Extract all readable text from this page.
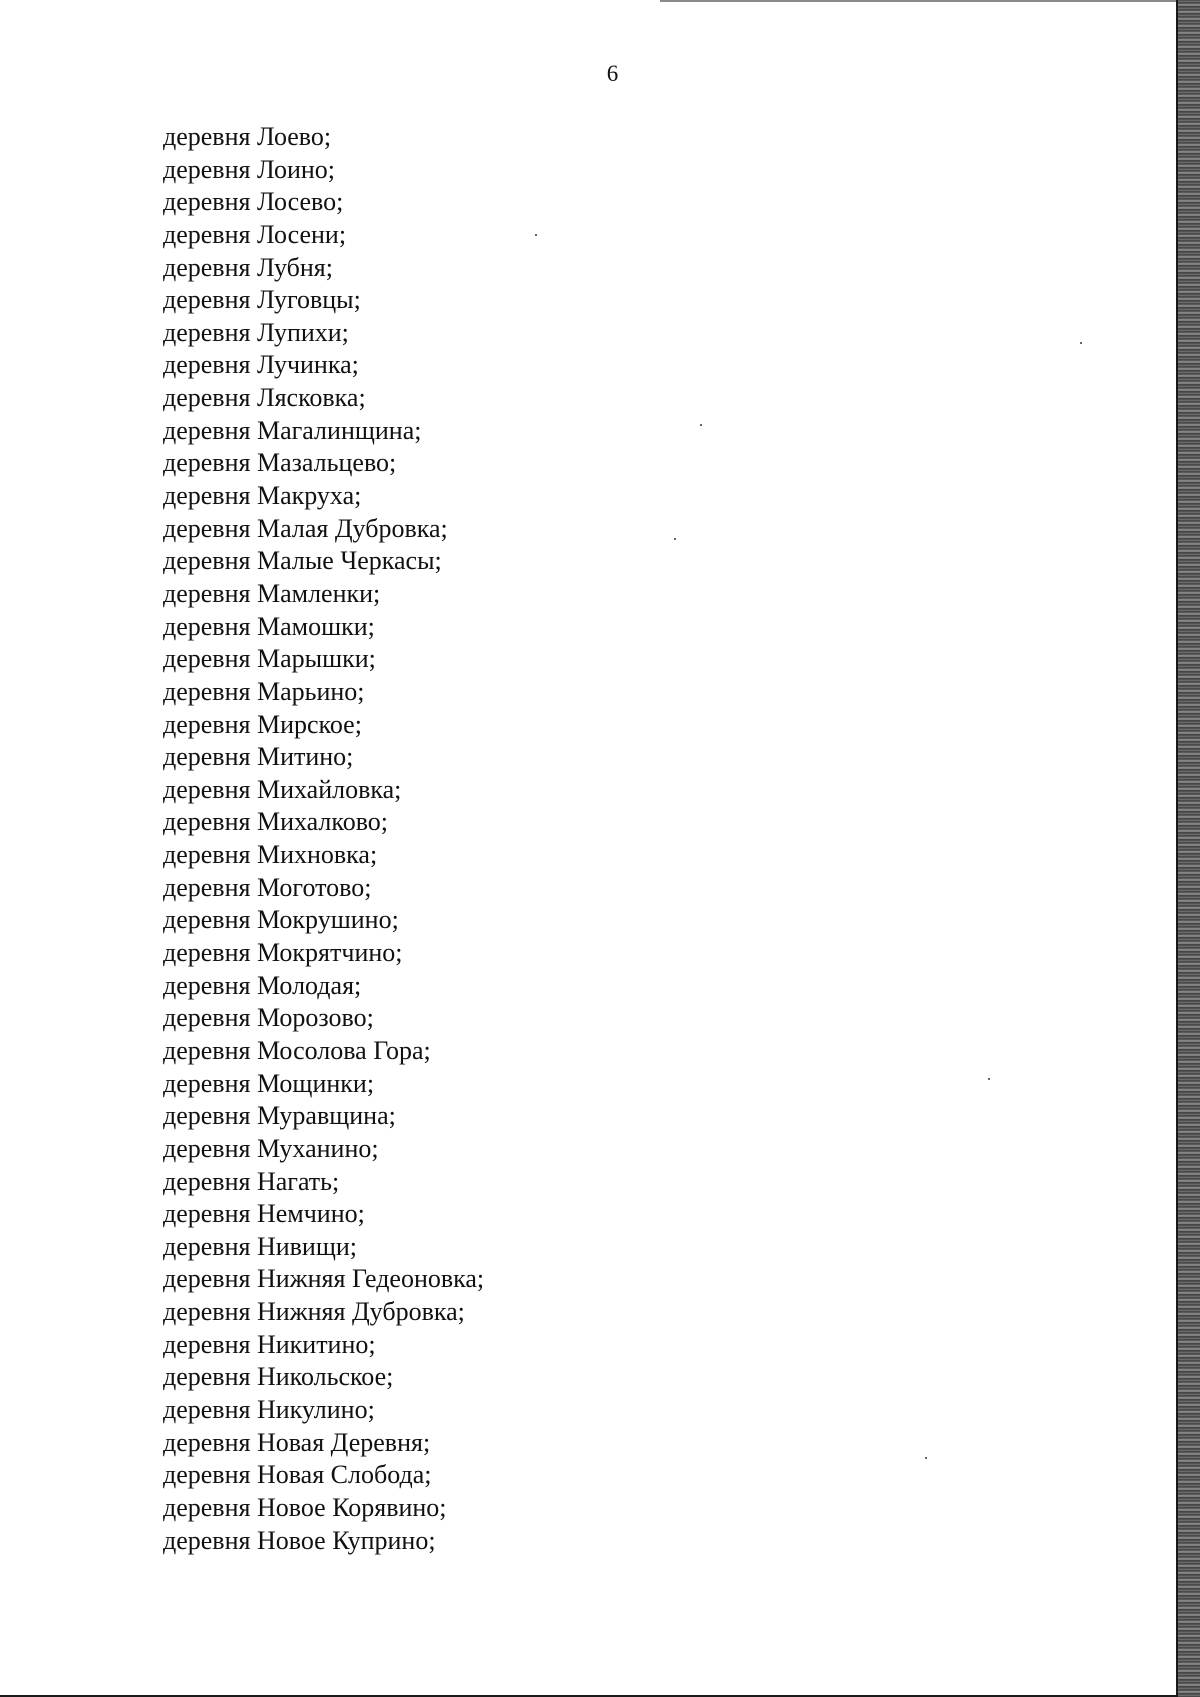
6
деревня Лоево;
деревня Лоино;
деревня Лосево;
деревня Лосени;
деревня Лубня;
деревня Луговцы;
деревня Лупихи;
деревня Лучинка;
деревня Лясковка;
деревня Магалинщина;
деревня Мазальцево;
деревня Макруха;
деревня Малая Дубровка;
деревня Малые Черкасы;
деревня Мамленки;
деревня Мамошки;
деревня Марышки;
деревня Марьино;
деревня Мирское;
деревня Митино;
деревня Михайловка;
деревня Михалково;
деревня Михновка;
деревня Моготово;
деревня Мокрушино;
деревня Мокрятчино;
деревня Молодая;
деревня Морозово;
деревня Мосолова Гора;
деревня Мощинки;
деревня Муравщина;
деревня Муханино;
деревня Нагать;
деревня Немчино;
деревня Нивищи;
деревня Нижняя Гедеоновка;
деревня Нижняя Дубровка;
деревня Никитино;
деревня Никольское;
деревня Никулино;
деревня Новая Деревня;
деревня Новая Слобода;
деревня Новое Корявино;
деревня Новое Куприно;
